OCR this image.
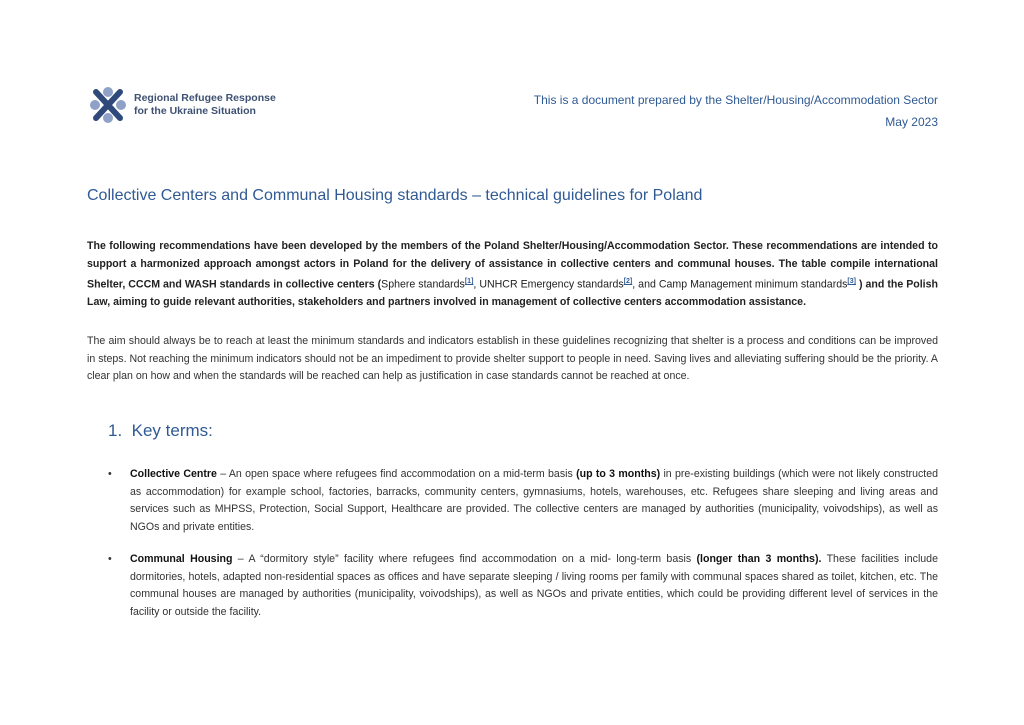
Regional Refugee Response
for the Ukraine Situation
This is a document prepared by the Shelter/Housing/Accommodation Sector
May 2023
Collective Centers and Communal Housing standards – technical guidelines for Poland

The following recommendations have been developed by the members of the Poland Shelter/Housing/Accommodation Sector. These recommendations are intended to support a harmonized approach amongst actors in Poland for the delivery of assistance in collective centers and communal houses. The table compile international Shelter, CCCM and WASH standards in collective centers (Sphere standards[1], UNHCR Emergency standards[2], and Camp Management minimum standards[3] ) and the Polish Law, aiming to guide relevant authorities, stakeholders and partners involved in management of collective centers accommodation assistance.

The aim should always be to reach at least the minimum standards and indicators establish in these guidelines recognizing that shelter is a process and conditions can be improved in steps. Not reaching the minimum indicators should not be an impediment to provide shelter support to people in need. Saving lives and alleviating suffering should be the priority. A clear plan on how and when the standards will be reached can help as justification in case standards cannot be reached at once.

1. Key terms:
• Collective Centre – An open space where refugees find accommodation on a mid-term basis (up to 3 months) in pre-existing buildings (which were not likely constructed as accommodation) for example school, factories, barracks, community centers, gymnasiums, hotels, warehouses, etc. Refugees share sleeping and living areas and services such as MHPSS, Protection, Social Support, Healthcare are provided. The collective centers are managed by authorities (municipality, voivodships), as well as NGOs and private entities.
• Communal Housing – A “dormitory style” facility where refugees find accommodation on a mid- long-term basis (longer than 3 months). These facilities include dormitories, hotels, adapted non-residential spaces as offices and have separate sleeping / living rooms per family with communal spaces shared as toilet, kitchen, etc. The communal houses are managed by authorities (municipality, voivodships), as well as NGOs and private entities, which could be providing different level of services in the facility or outside the facility.
